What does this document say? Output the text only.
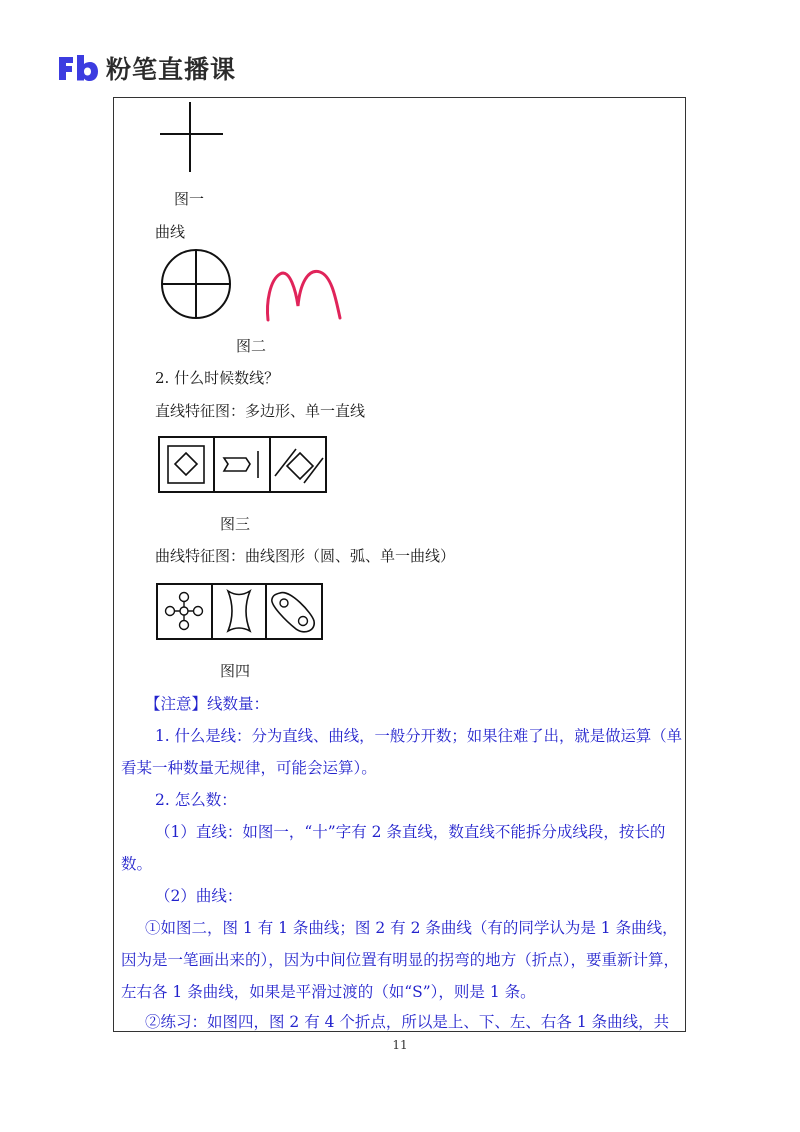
粉笔直播课
图一
曲线
图二
2. 什么时候数线？
直线特征图：多边形、单一直线
图三
曲线特征图：曲线图形（圆、弧、单一曲线）
图四
【注意】线数量：
1. 什么是线：分为直线、曲线，一般分开数；如果往难了出，就是做运算（单
看某一种数量无规律，可能会运算）。
2. 怎么数：
（1）直线：如图一，“十”字有 2 条直线，数直线不能拆分成线段，按长的
数。
（2）曲线：
①如图二，图 1 有 1 条曲线；图 2 有 2 条曲线（有的同学认为是 1 条曲线，
因为是一笔画出来的），因为中间位置有明显的拐弯的地方（折点），要重新计算，
左右各 1 条曲线，如果是平滑过渡的（如“S”），则是 1 条。
②练习：如图四，图 2 有 4 个折点，所以是上、下、左、右各 1 条曲线，共
11
